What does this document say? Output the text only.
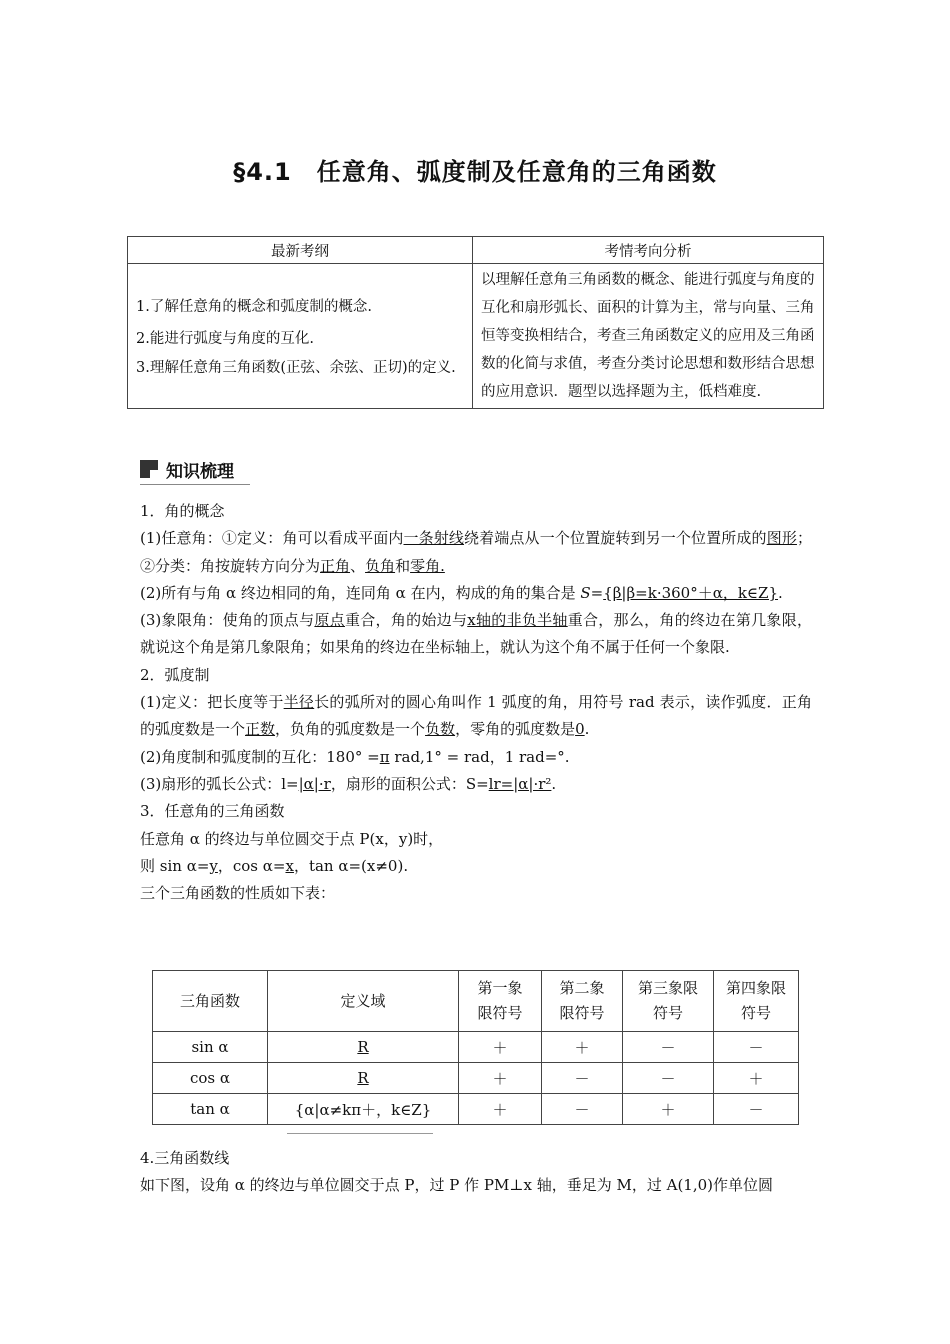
§4.1　任意角、弧度制及任意角的三角函数
最新考纲	考情考向分析

1.了解任意角的概念和弧度制的概念.
2.能进行弧度与角度的互化.
3.理解任意角三角函数(正弦、余弦、正切)的定义.	以理解任意角三角函数的概念、能进行弧度与角度的互化和扇形弧长、面积的计算为主，常与向量、三角恒等变换相结合，考查三角函数定义的应用及三角函数的化简与求值，考查分类讨论思想和数形结合思想的应用意识．题型以选择题为主，低档难度.
知识梳理

1．角的概念

(1)任意角：①定义：角可以看成平面内一条射线绕着端点从一个位置旋转到另一个位置所成的图形；②分类：角按旋转方向分为正角、负角和零角.

(2)所有与角 α 终边相同的角，连同角 α 在内，构成的角的集合是 S={β|β=k·360°＋α，k∈Z}.

(3)象限角：使角的顶点与原点重合，角的始边与x轴的非负半轴重合，那么，角的终边在第几象限，就说这个角是第几象限角；如果角的终边在坐标轴上，就认为这个角不属于任何一个象限.

2．弧度制

(1)定义：把长度等于半径长的弧所对的圆心角叫作 1 弧度的角，用符号 rad 表示，读作弧度．正角的弧度数是一个正数，负角的弧度数是一个负数，零角的弧度数是0.

(2)角度制和弧度制的互化：180° =π rad,1° = rad，1 rad=°.

(3)扇形的弧长公式：l=|α|·r，扇形的面积公式：S=lr=|α|·r².

3．任意角的三角函数

任意角 α 的终边与单位圆交于点 P(x，y)时，

则 sin α=y，cos α=x，tan α=(x≠0).

三个三角函数的性质如下表：

三角函数	定义域	第一象限符号	第二象限符号	第三象限符号	第四象限符号

sin α	R	＋	＋	－	－
cos α	R	＋	－	－	＋
tan α	{α|α≠kπ＋，k∈Z}	＋	－	＋	－

4.三角函数线

如下图，设角 α 的终边与单位圆交于点 P，过 P 作 PM⊥x 轴，垂足为 M，过 A(1,0)作单位圆
